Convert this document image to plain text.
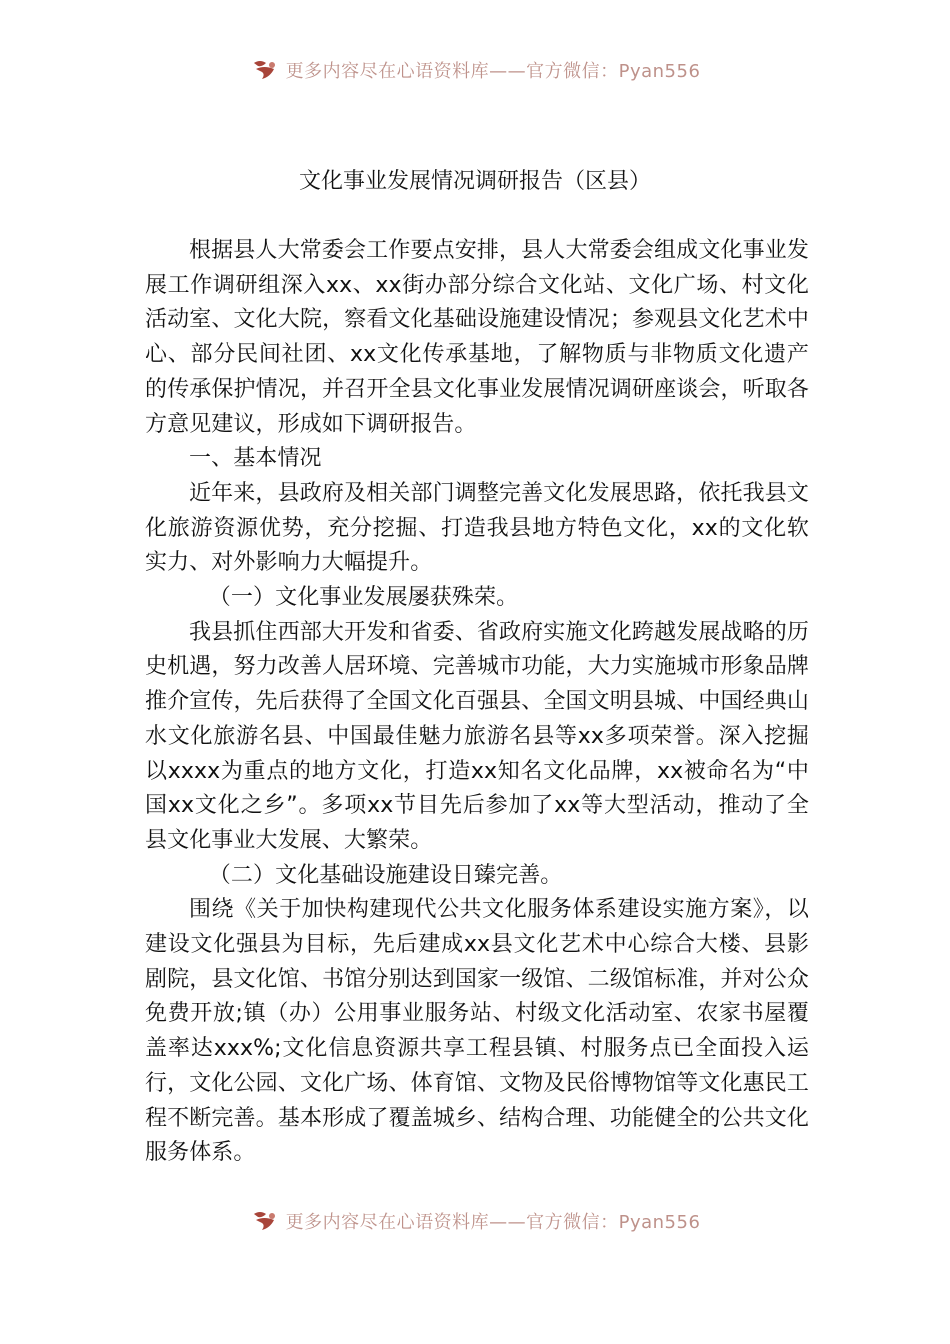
更多内容尽在心语资料库——官方微信：Pyan556
文化事业发展情况调研报告（区县）

根据县人大常委会工作要点安排，县人大常委会组成文化事业发展工作调研组深入xx、xx街办部分综合文化站、文化广场、村文化活动室、文化大院，察看文化基础设施建设情况；参观县文化艺术中心、部分民间社团、xx文化传承基地，了解物质与非物质文化遗产的传承保护情况，并召开全县文化事业发展情况调研座谈会，听取各方意见建议，形成如下调研报告。

一、基本情况

近年来，县政府及相关部门调整完善文化发展思路，依托我县文化旅游资源优势，充分挖掘、打造我县地方特色文化，xx的文化软实力、对外影响力大幅提升。

（一）文化事业发展屡获殊荣。

我县抓住西部大开发和省委、省政府实施文化跨越发展战略的历史机遇，努力改善人居环境、完善城市功能，大力实施城市形象品牌推介宣传，先后获得了全国文化百强县、全国文明县城、中国经典山水文化旅游名县、中国最佳魅力旅游名县等xx多项荣誉。深入挖掘以xxxx为重点的地方文化，打造xx知名文化品牌，xx被命名为“中国xx文化之乡”。多项xx节目先后参加了xx等大型活动，推动了全县文化事业大发展、大繁荣。

（二）文化基础设施建设日臻完善。

围绕《关于加快构建现代公共文化服务体系建设实施方案》，以建设文化强县为目标，先后建成xx县文化艺术中心综合大楼、县影剧院，县文化馆、书馆分别达到国家一级馆、二级馆标准，并对公众免费开放;镇（办）公用事业服务站、村级文化活动室、农家书屋覆盖率达xxx%;文化信息资源共享工程县镇、村服务点已全面投入运行，文化公园、文化广场、体育馆、文物及民俗博物馆等文化惠民工程不断完善。基本形成了覆盖城乡、结构合理、功能健全的公共文化服务体系。

更多内容尽在心语资料库——官方微信：Pyan556
